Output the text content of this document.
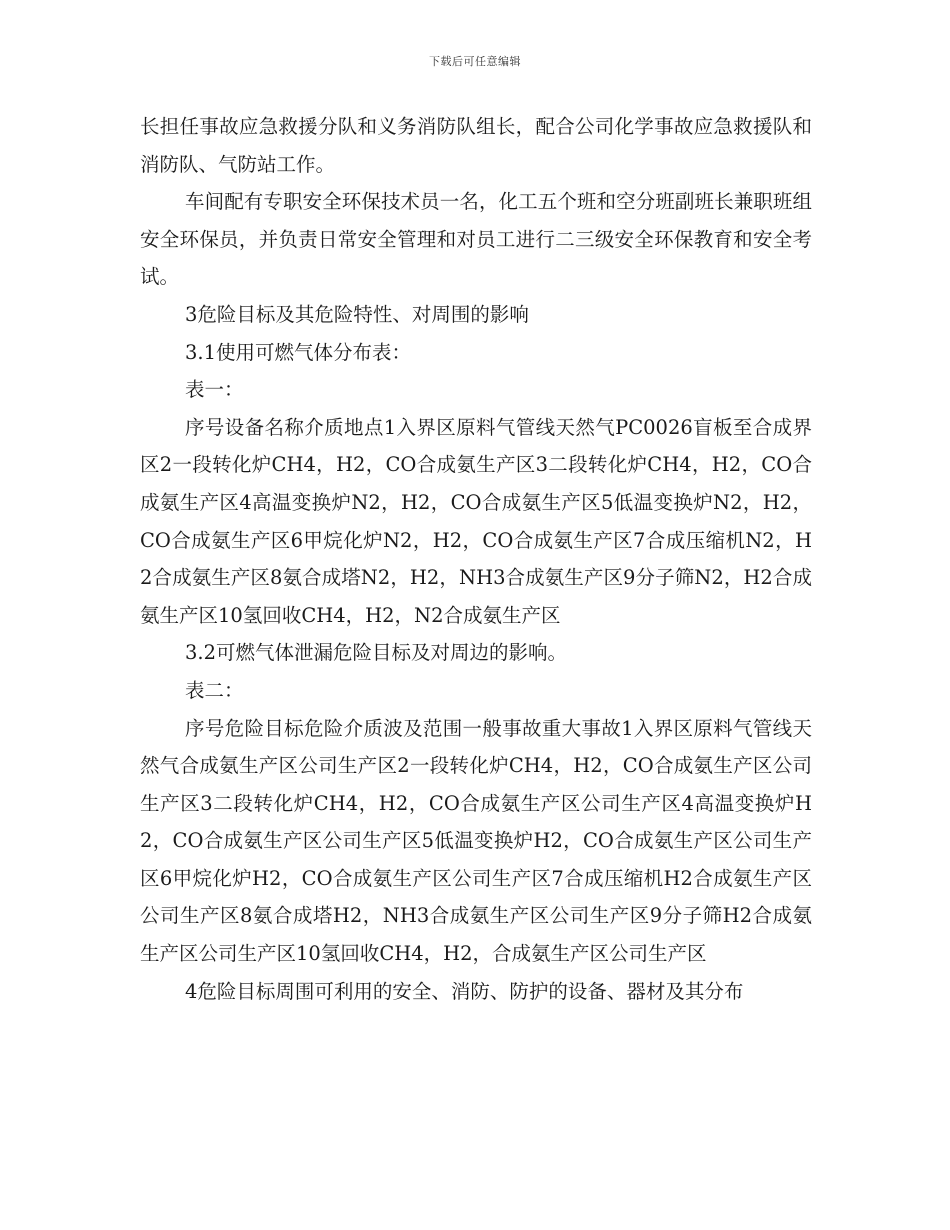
下载后可任意编辑

长担任事故应急救援分队和义务消防队组长，配合公司化学事故应急救援队和消防队、气防站工作。

车间配有专职安全环保技术员一名，化工五个班和空分班副班长兼职班组安全环保员，并负责日常安全管理和对员工进行二三级安全环保教育和安全考试。

3危险目标及其危险特性、对周围的影响

3.1使用可燃气体分布表：

表一：

序号设备名称介质地点1入界区原料气管线天然气PC0026盲板至合成界区2一段转化炉CH4，H2，CO合成氨生产区3二段转化炉CH4，H2，CO合成氨生产区4高温变换炉N2，H2，CO合成氨生产区5低温变换炉N2，H2，CO合成氨生产区6甲烷化炉N2，H2，CO合成氨生产区7合成压缩机N2，H2合成氨生产区8氨合成塔N2，H2，NH3合成氨生产区9分子筛N2，H2合成氨生产区10氢回收CH4，H2，N2合成氨生产区

3.2可燃气体泄漏危险目标及对周边的影响。

表二：

序号危险目标危险介质波及范围一般事故重大事故1入界区原料气管线天然气合成氨生产区公司生产区2一段转化炉CH4，H2，CO合成氨生产区公司生产区3二段转化炉CH4，H2，CO合成氨生产区公司生产区4高温变换炉H2，CO合成氨生产区公司生产区5低温变换炉H2，CO合成氨生产区公司生产区6甲烷化炉H2，CO合成氨生产区公司生产区7合成压缩机H2合成氨生产区公司生产区8氨合成塔H2，NH3合成氨生产区公司生产区9分子筛H2合成氨生产区公司生产区10氢回收CH4，H2，合成氨生产区公司生产区

4危险目标周围可利用的安全、消防、防护的设备、器材及其分布
